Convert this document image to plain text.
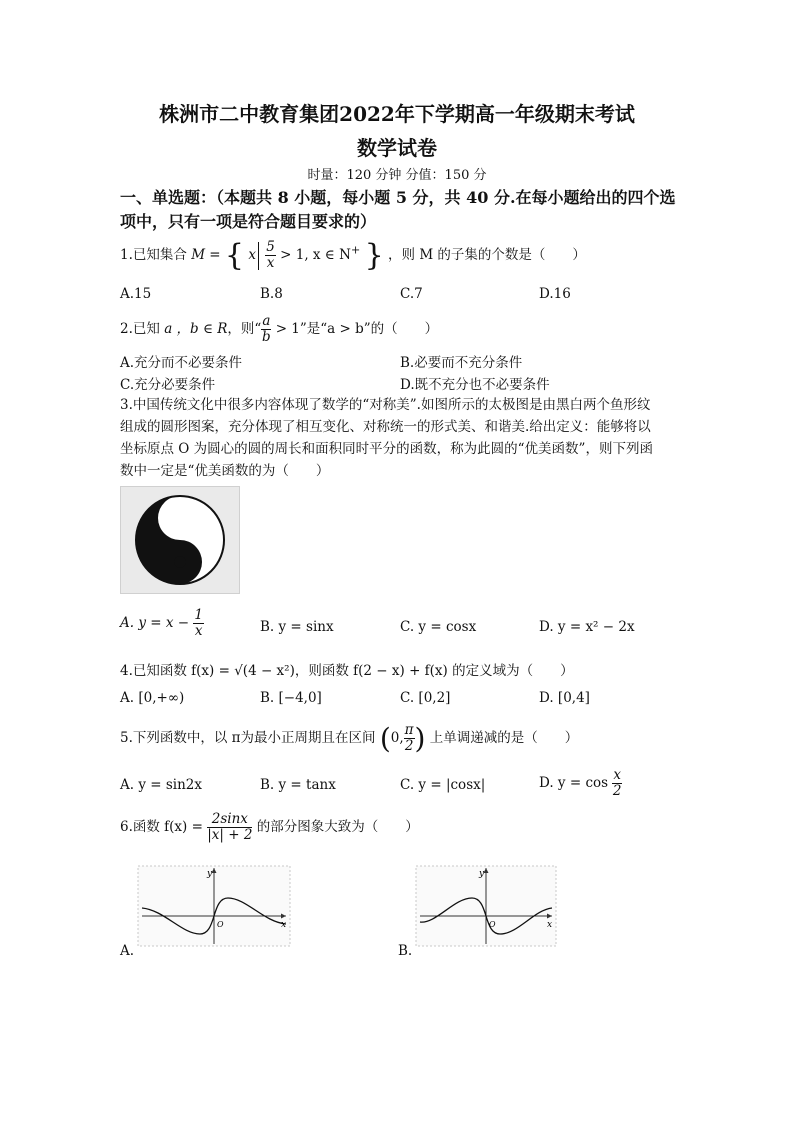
株洲市二中教育集团2022年下学期高一年级期末考试
数学试卷
时量：120 分钟 分值：150 分
一、单选题：（本题共 8 小题，每小题 5 分，共 40 分.在每小题给出的四个选
项中，只有一项是符合题目要求的）
1.已知集合 M = { x $\frac{5}{x} > 1$, x ∈ N+ } ，则 M 的子集的个数是（　　）
A.15	B.8	C.7	D.16
2.已知 a ，b ∈ R，则“ $\frac{a}{b} > 1$”是“a > b”的（　　）
A.充分而不必要条件	B.必要而不充分条件
C.充分必要条件	D.既不充分也不必要条件
3.中国传统文化中很多内容体现了数学的“对称美”.如图所示的太极图是由黑白两个鱼形纹
组成的圆形图案，充分体现了相互变化、对称统一的形式美、和谐美.给出定义：能够将以
坐标原点 O 为圆心的圆的周长和面积同时平分的函数，称为此圆的“优美函数”，则下列函
数中一定是“优美函数的为（　　）
A. $y = x - \frac{1}{x}$	B. y = sinx	C. y = cosx	D. y = x² − 2x
4.已知函数 f(x) = √(4 − x²)，则函数 f(2 − x) + f(x) 的定义域为（　　）
A. [0,+∞)	B. [−4,0]	C. [0,2]	D. [0,4]
5.下列函数中，以 π为最小正周期且在区间 (0, $\frac{\pi}{2}$ ) 上单调递减的是（　　）
A. y = sin2x	B. y = tanx	C. y = |cosx|	D. $y = \cos \frac{x}{2}$
6.函数 $f(x) = \frac{2\sin x}{|x| + 2}$ 的部分图象大致为（　　）
y
x
O
A.
y
x
O
B.
